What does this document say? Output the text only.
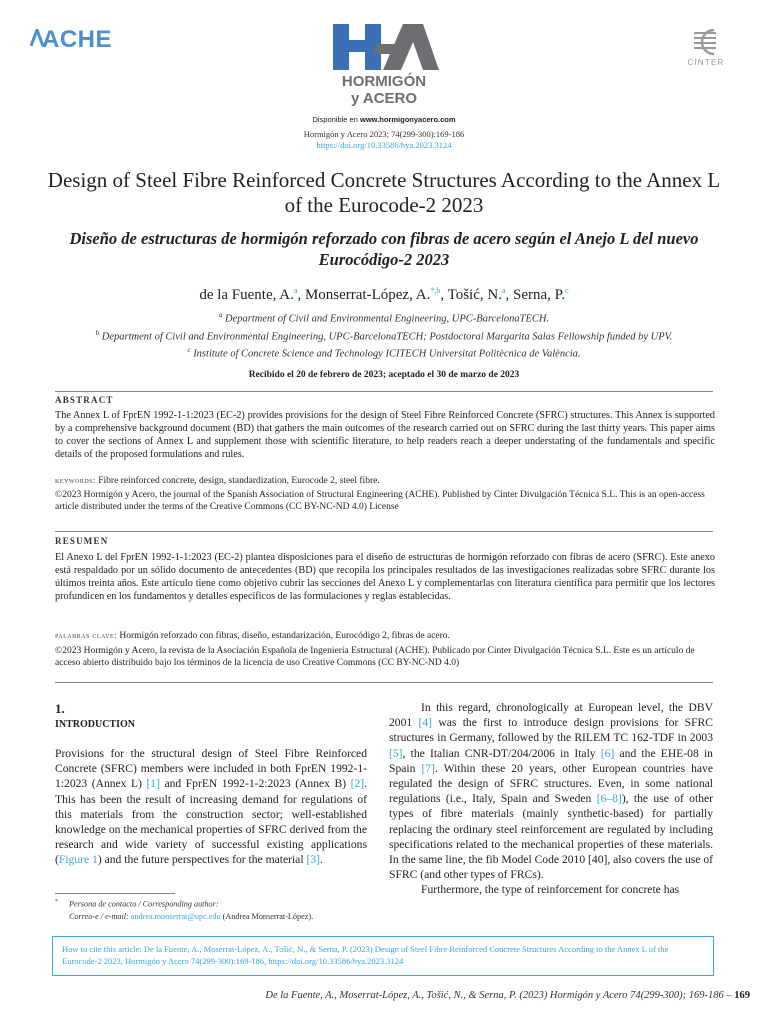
ACHE
HORMIGÓN
y ACERO
CINTER
Disponible en www.hormigonyacero.com
Hormigón y Acero 2023; 74(299-300):169-186
https://doi.org/10.33586/hya.2023.3124
Design of Steel Fibre Reinforced Concrete Structures According to the Annex L of the Eurocode-2 2023
Diseño de estructuras de hormigón reforzado con fibras de acero según el Anejo L del nuevo Eurocódigo-2 2023
de la Fuente, A.$^a$, Monserrat-López, A.$^{*,b}$, Tošić, N.$^a$, Serna, P.$^c$
$^a$ Department of Civil and Environmental Engineering, UPC-BarcelonaTECH.
$^b$ Department of Civil and Environmental Engineering, UPC-BarcelonaTECH; Postdoctoral Margarita Salas Fellowship funded by UPV.
$^c$ Institute of Concrete Science and Technology ICITECH Universitat Politècnica de València.
Recibido el 20 de febrero de 2023; aceptado el 30 de marzo de 2023
ABSTRACT
The Annex L of FprEN 1992-1-1:2023 (EC-2) provides provisions for the design of Steel Fibre Reinforced Concrete (SFRC) structures. This Annex is supported by a comprehensive background document (BD) that gathers the main outcomes of the research carried out on SFRC during the last thirty years. This paper aims to cover the sections of Annex L and supplement those with scientific literature, to help readers reach a deeper understating of the fundamentals and specific details of the proposed formulations and rules.
keywords: Fibre reinforced concrete, design, standardization, Eurocode 2, steel fibre.
©2023 Hormigón y Acero, the journal of the Spanish Association of Structural Engineering (ACHE). Published by Cinter Divulgación Técnica S.L. This is an open-access article distributed under the terms of the Creative Commons (CC BY-NC-ND 4.0) License
RESUMEN
El Anexo L del FprEN 1992-1-1:2023 (EC-2) plantea disposiciones para el diseño de estructuras de hormigón reforzado con fibras de acero (SFRC). Este anexo está respaldado por un sólido documento de antecedentes (BD) que recopila los principales resultados de las investigaciones realizadas sobre SFRC durante los últimos treinta años. Este artículo tiene como objetivo cubrir las secciones del Anexo L y complementarlas con literatura científica para permitir que los lectores profundicen en los fundamentos y detalles específicos de las formulaciones y reglas establecidas.
palabras clave: Hormigón reforzado con fibras, diseño, estandarización, Eurocódigo 2, fibras de acero.
©2023 Hormigón y Acero, la revista de la Asociación Española de Ingeniería Estructural (ACHE). Publicado por Cinter Divulgación Técnica S.L. Este es un artículo de acceso abierto distribuido bajo los términos de la licencia de uso Creative Commons (CC BY-NC-ND 4.0)
1.
INTRODUCTION
Provisions for the structural design of Steel Fibre Reinforced Concrete (SFRC) members were included in both FprEN 1992-1-1:2023 (Annex L) [1] and FprEN 1992-1-2:2023 (Annex B) [2]. This has been the result of increasing demand for regulations of this materials from the construction sector; well-established knowledge on the mechanical properties of SFRC derived from the research and wide variety of successful existing applications (Figure 1) and the future perspectives for the material [3].

In this regard, chronologically at European level, the DBV 2001 [4] was the first to introduce design provisions for SFRC structures in Germany, followed by the RILEM TC 162-TDF in 2003 [5], the Italian CNR-DT/204/2006 in Italy [6] and the EHE-08 in Spain [7]. Within these 20 years, other European countries have regulated the design of SFRC structures. Even, in some national regulations (i.e., Italy, Spain and Sweden [6–8]), the use of other types of fibre materials (mainly synthetic-based) for partially replacing the ordinary steel reinforcement are regulated by including specifications related to the mechanical properties of these materials. In the same line, the fib Model Code 2010 [40], also covers the use of SFRC (and other types of FRCs).

Furthermore, the type of reinforcement for concrete has

* Persona de contacto / Corresponding author:
Correo-e / e-mail: andrea.monserrat@upc.edu (Andrea Monserrat-López).
How to cite this article: De la Fuente, A., Moserrat-López, A., Tošić, N., & Serna, P. (2023) Design of Steel Fibre Reinforced Concrete Structures According to the Annex L of the Eurocode-2 2023, Hormigón y Acero 74(299-300):169-186, https://doi.org/10.33586/hya.2023.3124
De la Fuente, A., Moserrat-López, A., Tošić, N., & Serna, P. (2023) Hormigón y Acero 74(299-300); 169-186 – 169
